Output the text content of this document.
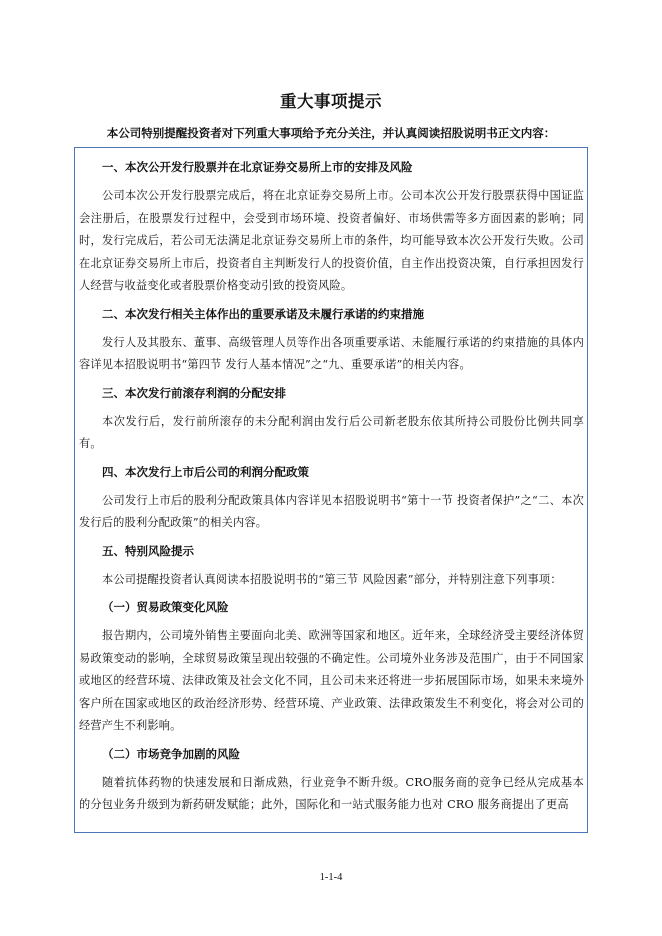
重大事项提示
本公司特别提醒投资者对下列重大事项给予充分关注，并认真阅读招股说明书正文内容：
一、本次公开发行股票并在北京证券交易所上市的安排及风险
公司本次公开发行股票完成后，将在北京证券交易所上市。公司本次公开发行股票获得中国证监会注册后，在股票发行过程中，会受到市场环境、投资者偏好、市场供需等多方面因素的影响；同时，发行完成后，若公司无法满足北京证券交易所上市的条件，均可能导致本次公开发行失败。公司在北京证券交易所上市后，投资者自主判断发行人的投资价值，自主作出投资决策，自行承担因发行人经营与收益变化或者股票价格变动引致的投资风险。
二、本次发行相关主体作出的重要承诺及未履行承诺的约束措施
发行人及其股东、董事、高级管理人员等作出各项重要承诺、未能履行承诺的约束措施的具体内容详见本招股说明书“第四节 发行人基本情况”之“九、重要承诺”的相关内容。
三、本次发行前滚存利润的分配安排
本次发行后，发行前所滚存的未分配利润由发行后公司新老股东依其所持公司股份比例共同享有。
四、本次发行上市后公司的利润分配政策
公司发行上市后的股利分配政策具体内容详见本招股说明书“第十一节 投资者保护”之“二、本次发行后的股利分配政策”的相关内容。
五、特别风险提示
本公司提醒投资者认真阅读本招股说明书的“第三节 风险因素”部分，并特别注意下列事项：
（一）贸易政策变化风险
报告期内，公司境外销售主要面向北美、欧洲等国家和地区。近年来，全球经济受主要经济体贸易政策变动的影响，全球贸易政策呈现出较强的不确定性。公司境外业务涉及范围广，由于不同国家或地区的经营环境、法律政策及社会文化不同，且公司未来还将进一步拓展国际市场，如果未来境外客户所在国家或地区的政治经济形势、经营环境、产业政策、法律政策发生不利变化，将会对公司的经营产生不利影响。
（二）市场竞争加剧的风险
随着抗体药物的快速发展和日渐成熟，行业竞争不断升级。CRO服务商的竞争已经从完成基本的分包业务升级到为新药研发赋能；此外，国际化和一站式服务能力也对 CRO 服务商提出了更高
1-1-4
